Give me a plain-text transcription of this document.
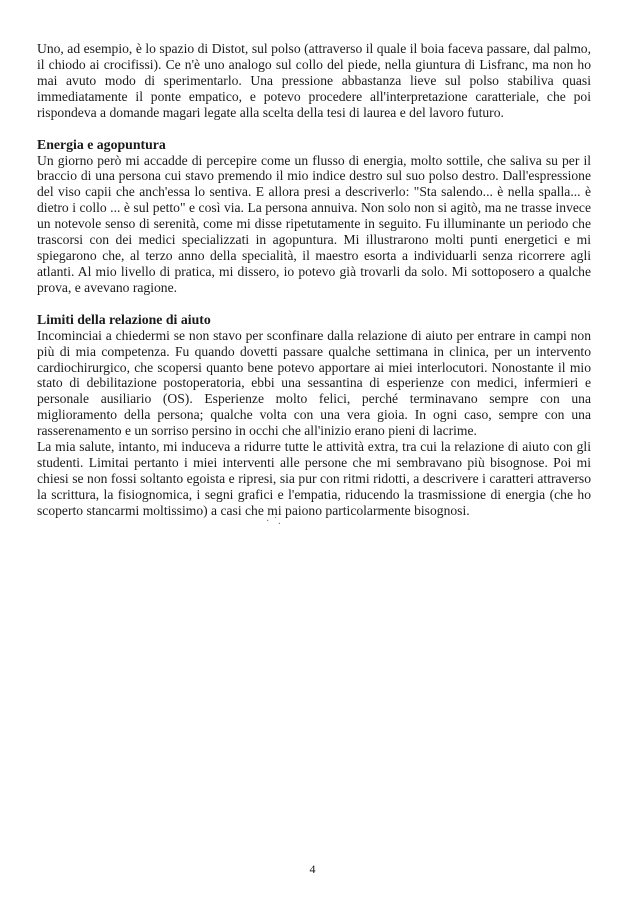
Uno, ad esempio, è lo spazio di Distot, sul polso (attraverso il quale il boia faceva passare, dal palmo, il chiodo ai crocifissi). Ce n'è uno analogo sul collo del piede, nella giuntura di Lisfranc, ma non ho mai avuto modo di sperimentarlo. Una pressione abbastanza lieve sul polso stabiliva quasi immediatamente il ponte empatico, e potevo procedere all'interpretazione caratteriale, che poi rispondeva a domande magari legate alla scelta della tesi di laurea e del lavoro futuro.

Energia e agopuntura

Un giorno però mi accadde di percepire come un flusso di energia, molto sottile, che saliva su per il braccio di una persona cui stavo premendo il mio indice destro sul suo polso destro. Dall'espressione del viso capii che anch'essa lo sentiva. E allora presi a descriverlo: "Sta salendo... è nella spalla... è dietro i collo ... è sul petto" e così via. La persona annuiva. Non solo non si agitò, ma ne trasse invece un notevole senso di serenità, come mi disse ripetutamente in seguito. Fu illuminante un periodo che trascorsi con dei medici specializzati in agopuntura. Mi illustrarono molti punti energetici e mi spiegarono che, al terzo anno della specialità, il maestro esorta a individuarli senza ricorrere agli atlanti. Al mio livello di pratica, mi dissero, io potevo già trovarli da solo. Mi sottoposero a qualche prova, e avevano ragione.

Limiti della relazione di aiuto

Incominciai a chiedermi se non stavo per sconfinare dalla relazione di aiuto per entrare in campi non più di mia competenza. Fu quando dovetti passare qualche settimana in clinica, per un intervento cardiochirurgico, che scopersi quanto bene potevo apportare ai miei interlocutori. Nonostante il mio stato di debilitazione postoperatoria, ebbi una sessantina di esperienze con medici, infermieri e personale ausiliario (OS). Esperienze molto felici, perché terminavano sempre con una miglioramento della persona; qualche volta con una vera gioia. In ogni caso, sempre con una rasserenamento e un sorriso persino in occhi che all'inizio erano pieni di lacrime.

La mia salute, intanto, mi induceva a ridurre tutte le attività extra, tra cui la relazione di aiuto con gli studenti. Limitai pertanto i miei interventi alle persone che mi sembravano più bisognose. Poi mi chiesi se non fossi soltanto egoista e ripresi, sia pur con ritmi ridotti, a descrivere i caratteri attraverso la scrittura, la fisiognomica, i segni grafici e l'empatia, riducendo la trasmissione di energia (che ho scoperto stancarmi moltissimo) a casi che mi paiono particolarmente bisognosi.

· ˙.
4
